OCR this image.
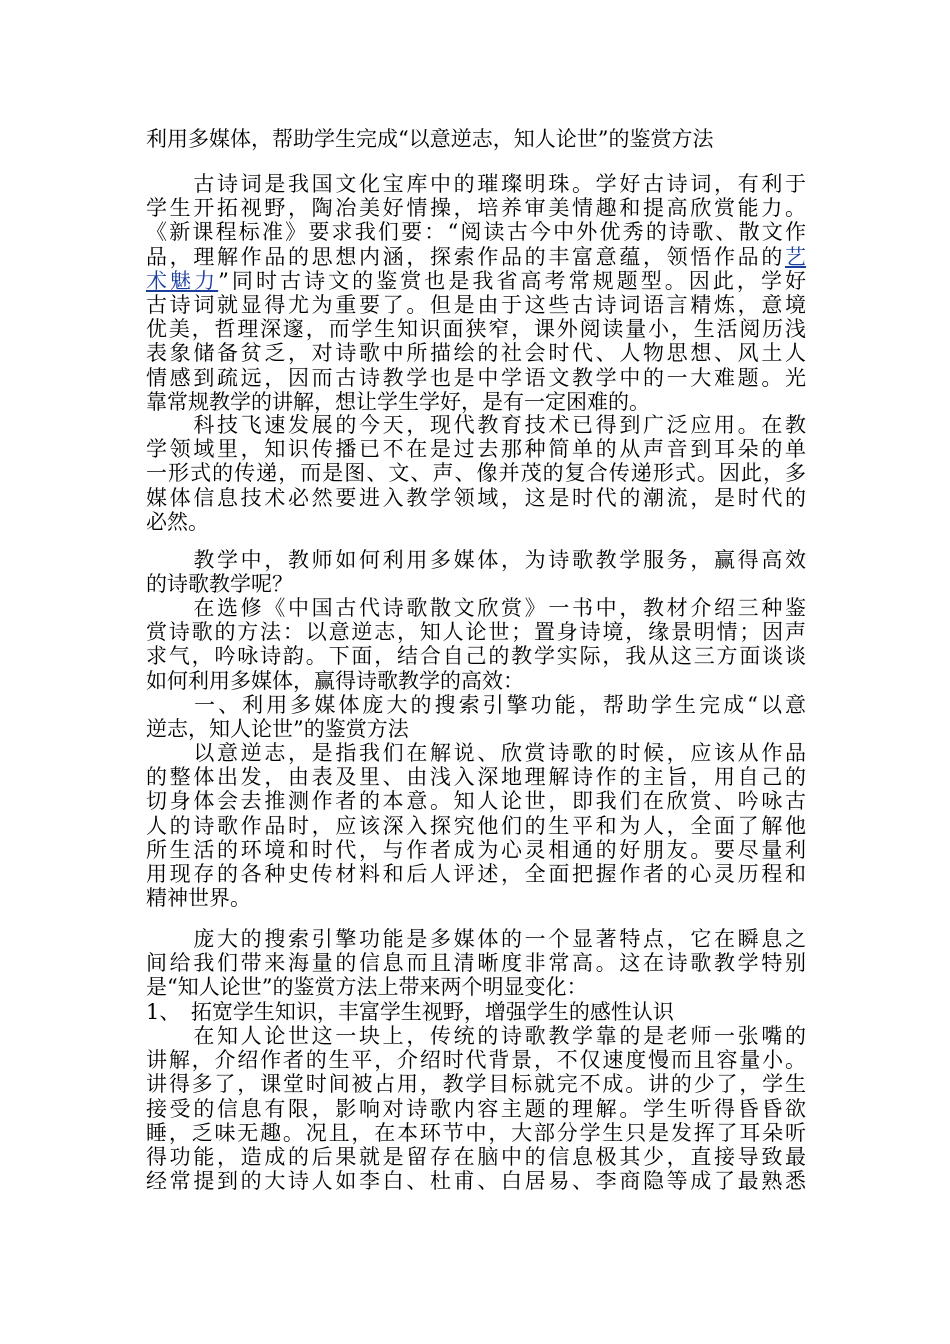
利用多媒体，帮助学生完成“以意逆志，知人论世”的鉴赏方法
　　古诗词是我国文化宝库中的璀璨明珠。学好古诗词，有利于
学生开拓视野，陶冶美好情操，培养审美情趣和提高欣赏能力。
《新课程标准》要求我们要：“阅读古今中外优秀的诗歌、散文作
品，理解作品的思想内涵，探索作品的丰富意蕴，领悟作品的艺
术魅力”同时古诗文的鉴赏也是我省高考常规题型。因此，学好
古诗词就显得尤为重要了。但是由于这些古诗词语言精炼，意境
优美，哲理深邃，而学生知识面狭窄，课外阅读量小，生活阅历浅
表象储备贫乏，对诗歌中所描绘的社会时代、人物思想、风土人
情感到疏远，因而古诗教学也是中学语文教学中的一大难题。光
靠常规教学的讲解，想让学生学好，是有一定困难的。
　　科技飞速发展的今天，现代教育技术已得到广泛应用。在教
学领域里，知识传播已不在是过去那种简单的从声音到耳朵的单
一形式的传递，而是图、文、声、像并茂的复合传递形式。因此，多
媒体信息技术必然要进入教学领域，这是时代的潮流，是时代的
必然。
　　教学中，教师如何利用多媒体，为诗歌教学服务，赢得高效
的诗歌教学呢？
　　在选修《中国古代诗歌散文欣赏》一书中，教材介绍三种鉴
赏诗歌的方法：以意逆志，知人论世；置身诗境，缘景明情；因声
求气，吟咏诗韵。下面，结合自己的教学实际，我从这三方面谈谈
如何利用多媒体，赢得诗歌教学的高效：
　　一、利用多媒体庞大的搜索引擎功能，帮助学生完成“以意
逆志，知人论世”的鉴赏方法
　　以意逆志，是指我们在解说、欣赏诗歌的时候，应该从作品
的整体出发，由表及里、由浅入深地理解诗作的主旨，用自己的
切身体会去推测作者的本意。知人论世，即我们在欣赏、吟咏古
人的诗歌作品时，应该深入探究他们的生平和为人，全面了解他
所生活的环境和时代，与作者成为心灵相通的好朋友。要尽量利
用现存的各种史传材料和后人评述，全面把握作者的心灵历程和
精神世界。
　　庞大的搜索引擎功能是多媒体的一个显著特点，它在瞬息之
间给我们带来海量的信息而且清晰度非常高。这在诗歌教学特别
是“知人论世”的鉴赏方法上带来两个明显变化：
1、　拓宽学生知识，丰富学生视野，增强学生的感性认识
　　在知人论世这一块上，传统的诗歌教学靠的是老师一张嘴的
讲解，介绍作者的生平，介绍时代背景，不仅速度慢而且容量小。
讲得多了，课堂时间被占用，教学目标就完不成。讲的少了，学生
接受的信息有限，影响对诗歌内容主题的理解。学生听得昏昏欲
睡，乏味无趣。况且，在本环节中，大部分学生只是发挥了耳朵听
得功能，造成的后果就是留存在脑中的信息极其少，直接导致最
经常提到的大诗人如李白、杜甫、白居易、李商隐等成了最熟悉
